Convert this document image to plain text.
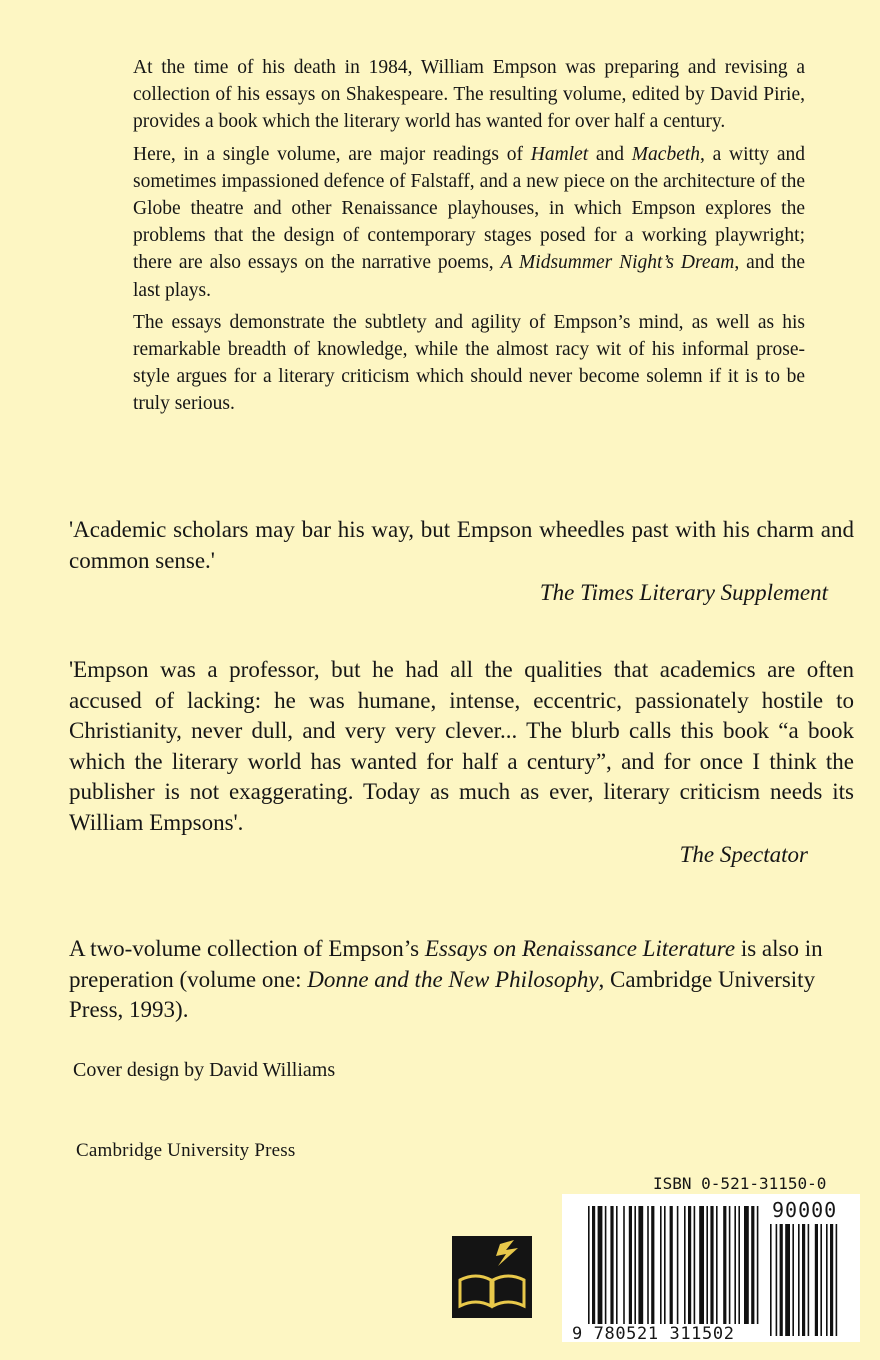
At the time of his death in 1984, William Empson was preparing and revising a collection of his essays on Shakespeare. The resulting volume, edited by David Pirie, provides a book which the literary world has wanted for over half a century.

Here, in a single volume, are major readings of Hamlet and Macbeth, a witty and sometimes impassioned defence of Falstaff, and a new piece on the architecture of the Globe theatre and other Renaissance playhouses, in which Empson explores the problems that the design of contemporary stages posed for a working playwright; there are also essays on the narrative poems, A Midsummer Night’s Dream, and the last plays.

The essays demonstrate the subtlety and agility of Empson’s mind, as well as his remarkable breadth of knowledge, while the almost racy wit of his informal prose-style argues for a literary criticism which should never become solemn if it is to be truly serious.

'Academic scholars may bar his way, but Empson wheedles past with his charm and common sense.'

The Times Literary Supplement

'Empson was a professor, but he had all the qualities that academics are often accused of lacking: he was humane, intense, eccentric, passionately hostile to Christianity, never dull, and very very clever... The blurb calls this book “a book which the literary world has wanted for half a century”, and for once I think the publisher is not exaggerating. Today as much as ever, literary criticism needs its William Empsons'.

The Spectator

A two-volume collection of Empson’s Essays on Renaissance Literature is also in preperation (volume one: Donne and the New Philosophy, Cambridge University Press, 1993).

Cover design by David Williams
Cambridge University Press
ISBN 0-521-31150-0
90000
9 780521 311502
